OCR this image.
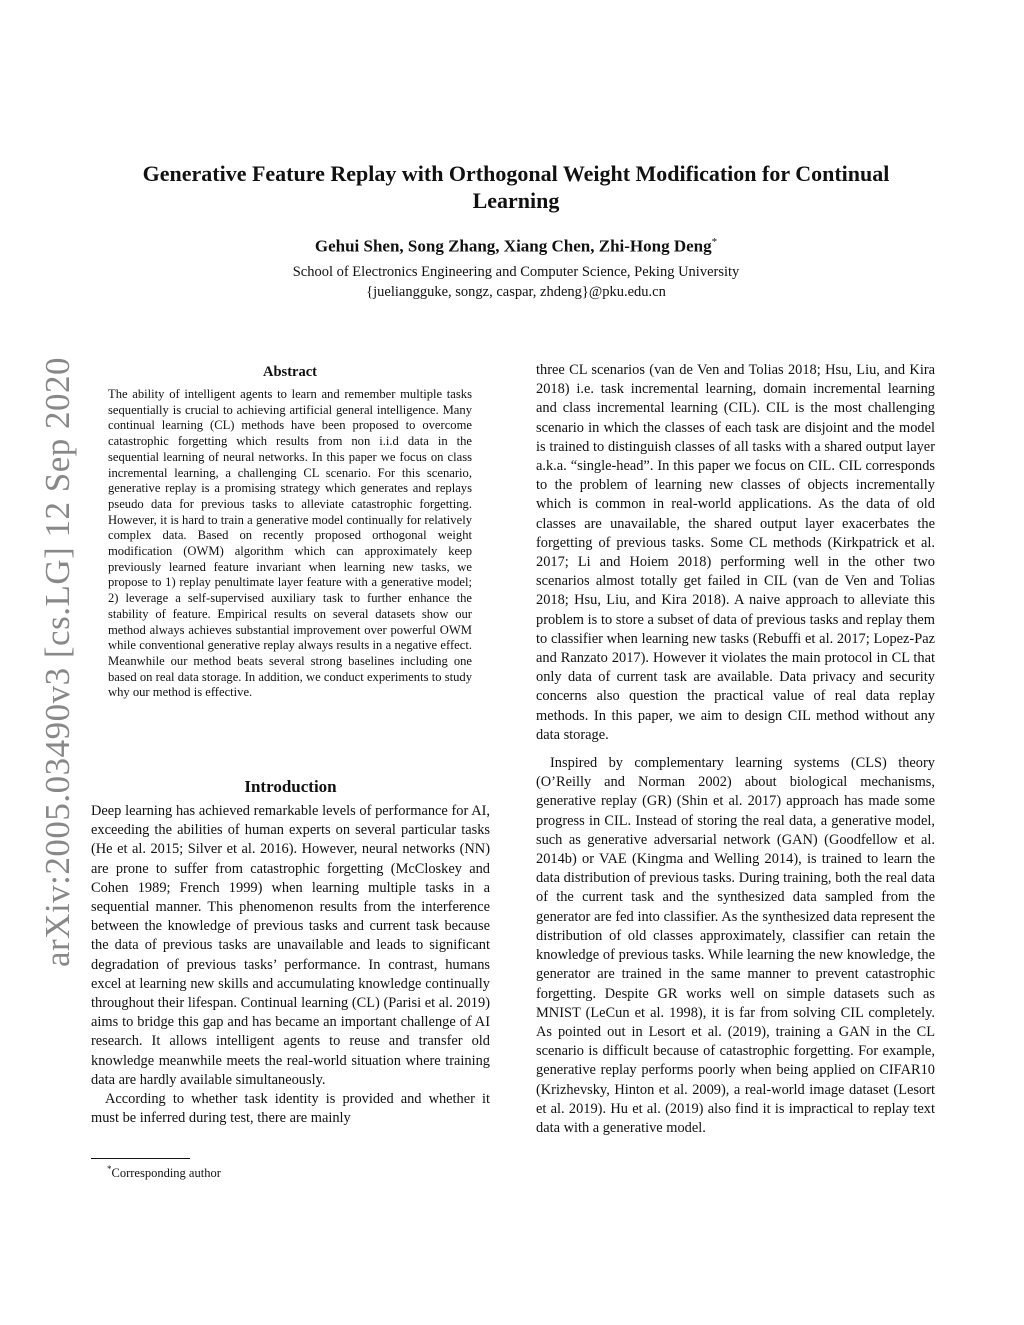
arXiv:2005.03490v3 [cs.LG] 12 Sep 2020
Generative Feature Replay with Orthogonal Weight Modification for Continual Learning
Gehui Shen, Song Zhang, Xiang Chen, Zhi-Hong Deng*
School of Electronics Engineering and Computer Science, Peking University
{juelianggukе, songz, caspar, zhdeng}@pku.edu.cn
Abstract
The ability of intelligent agents to learn and remember multiple tasks sequentially is crucial to achieving artificial general intelligence. Many continual learning (CL) methods have been proposed to overcome catastrophic forgetting which results from non i.i.d data in the sequential learning of neural networks. In this paper we focus on class incremental learning, a challenging CL scenario. For this scenario, generative replay is a promising strategy which generates and replays pseudo data for previous tasks to alleviate catastrophic forgetting. However, it is hard to train a generative model continually for relatively complex data. Based on recently proposed orthogonal weight modification (OWM) algorithm which can approximately keep previously learned feature invariant when learning new tasks, we propose to 1) replay penultimate layer feature with a generative model; 2) leverage a self-supervised auxiliary task to further enhance the stability of feature. Empirical results on several datasets show our method always achieves substantial improvement over powerful OWM while conventional generative replay always results in a negative effect. Meanwhile our method beats several strong baselines including one based on real data storage. In addition, we conduct experiments to study why our method is effective.
Introduction

Deep learning has achieved remarkable levels of performance for AI, exceeding the abilities of human experts on several particular tasks (He et al. 2015; Silver et al. 2016). However, neural networks (NN) are prone to suffer from catastrophic forgetting (McCloskey and Cohen 1989; French 1999) when learning multiple tasks in a sequential manner. This phenomenon results from the interference between the knowledge of previous tasks and current task because the data of previous tasks are unavailable and leads to significant degradation of previous tasks’ performance. In contrast, humans excel at learning new skills and accumulating knowledge continually throughout their lifespan. Continual learning (CL) (Parisi et al. 2019) aims to bridge this gap and has became an important challenge of AI research. It allows intelligent agents to reuse and transfer old knowledge meanwhile meets the real-world situation where training data are hardly available simultaneously.

According to whether task identity is provided and whether it must be inferred during test, there are mainly

*Corresponding author

three CL scenarios (van de Ven and Tolias 2018; Hsu, Liu, and Kira 2018) i.e. task incremental learning, domain incremental learning and class incremental learning (CIL). CIL is the most challenging scenario in which the classes of each task are disjoint and the model is trained to distinguish classes of all tasks with a shared output layer a.k.a. “single-head”. In this paper we focus on CIL. CIL corresponds to the problem of learning new classes of objects incrementally which is common in real-world applications. As the data of old classes are unavailable, the shared output layer exacerbates the forgetting of previous tasks. Some CL methods (Kirkpatrick et al. 2017; Li and Hoiem 2018) performing well in the other two scenarios almost totally get failed in CIL (van de Ven and Tolias 2018; Hsu, Liu, and Kira 2018). A naive approach to alleviate this problem is to store a subset of data of previous tasks and replay them to classifier when learning new tasks (Rebuffi et al. 2017; Lopez-Paz and Ranzato 2017). However it violates the main protocol in CL that only data of current task are available. Data privacy and security concerns also question the practical value of real data replay methods. In this paper, we aim to design CIL method without any data storage.

Inspired by complementary learning systems (CLS) theory (O’Reilly and Norman 2002) about biological mechanisms, generative replay (GR) (Shin et al. 2017) approach has made some progress in CIL. Instead of storing the real data, a generative model, such as generative adversarial network (GAN) (Goodfellow et al. 2014b) or VAE (Kingma and Welling 2014), is trained to learn the data distribution of previous tasks. During training, both the real data of the current task and the synthesized data sampled from the generator are fed into classifier. As the synthesized data represent the distribution of old classes approximately, classifier can retain the knowledge of previous tasks. While learning the new knowledge, the generator are trained in the same manner to prevent catastrophic forgetting. Despite GR works well on simple datasets such as MNIST (LeCun et al. 1998), it is far from solving CIL completely. As pointed out in Lesort et al. (2019), training a GAN in the CL scenario is difficult because of catastrophic forgetting. For example, generative replay performs poorly when being applied on CIFAR10 (Krizhevsky, Hinton et al. 2009), a real-world image dataset (Lesort et al. 2019). Hu et al. (2019) also find it is impractical to replay text data with a generative model.
